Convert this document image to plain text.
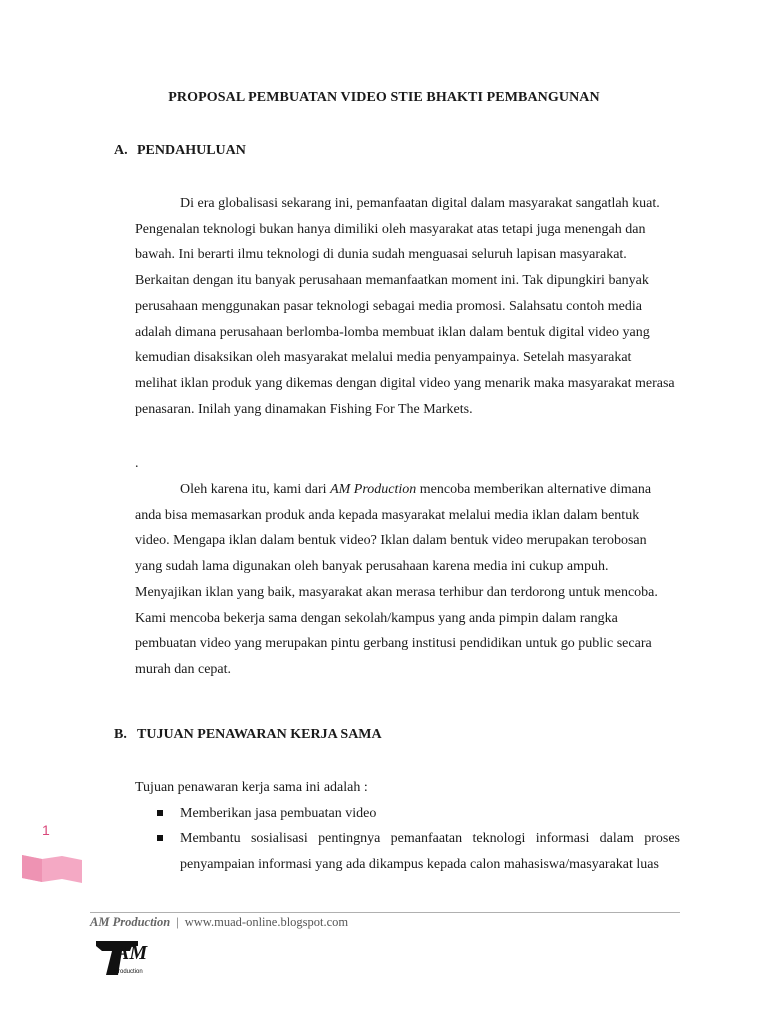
PROPOSAL PEMBUATAN VIDEO STIE BHAKTI PEMBANGUNAN
A. PENDAHULUAN

Di era globalisasi sekarang ini, pemanfaatan digital dalam masyarakat sangatlah kuat. Pengenalan teknologi bukan hanya dimiliki oleh masyarakat atas tetapi juga menengah dan bawah. Ini berarti ilmu teknologi di dunia sudah menguasai seluruh lapisan masyarakat. Berkaitan dengan itu banyak perusahaan memanfaatkan moment ini. Tak dipungkiri banyak perusahaan menggunakan pasar teknologi sebagai media promosi. Salahsatu contoh media adalah dimana perusahaan berlomba-lomba membuat iklan dalam bentuk digital video yang kemudian disaksikan oleh masyarakat melalui media penyampainya. Setelah masyarakat melihat iklan produk yang dikemas dengan digital video yang menarik maka masyarakat merasa penasaran. Inilah yang dinamakan Fishing For The Markets.

.

Oleh karena itu, kami dari AM Production mencoba memberikan alternative dimana anda bisa memasarkan produk anda kepada masyarakat melalui media iklan dalam bentuk video. Mengapa iklan dalam bentuk video? Iklan dalam bentuk video merupakan terobosan yang sudah lama digunakan oleh banyak perusahaan karena media ini cukup ampuh. Menyajikan iklan yang baik, masyarakat akan merasa terhibur dan terdorong untuk mencoba. Kami mencoba bekerja sama dengan sekolah/kampus yang anda pimpin dalam rangka pembuatan video yang merupakan pintu gerbang institusi pendidikan untuk go public secara murah dan cepat.

B. TUJUAN PENAWARAN KERJA SAMA

Tujuan penawaran kerja sama ini adalah :

Memberikan jasa pembuatan video
Membantu sosialisasi pentingnya pemanfaatan teknologi informasi dalam proses penyampaian informasi yang ada dikampus kepada calon mahasiswa/masyarakat luas
1
AM Production | www.muad-online.blogspot.com
AM
Production
